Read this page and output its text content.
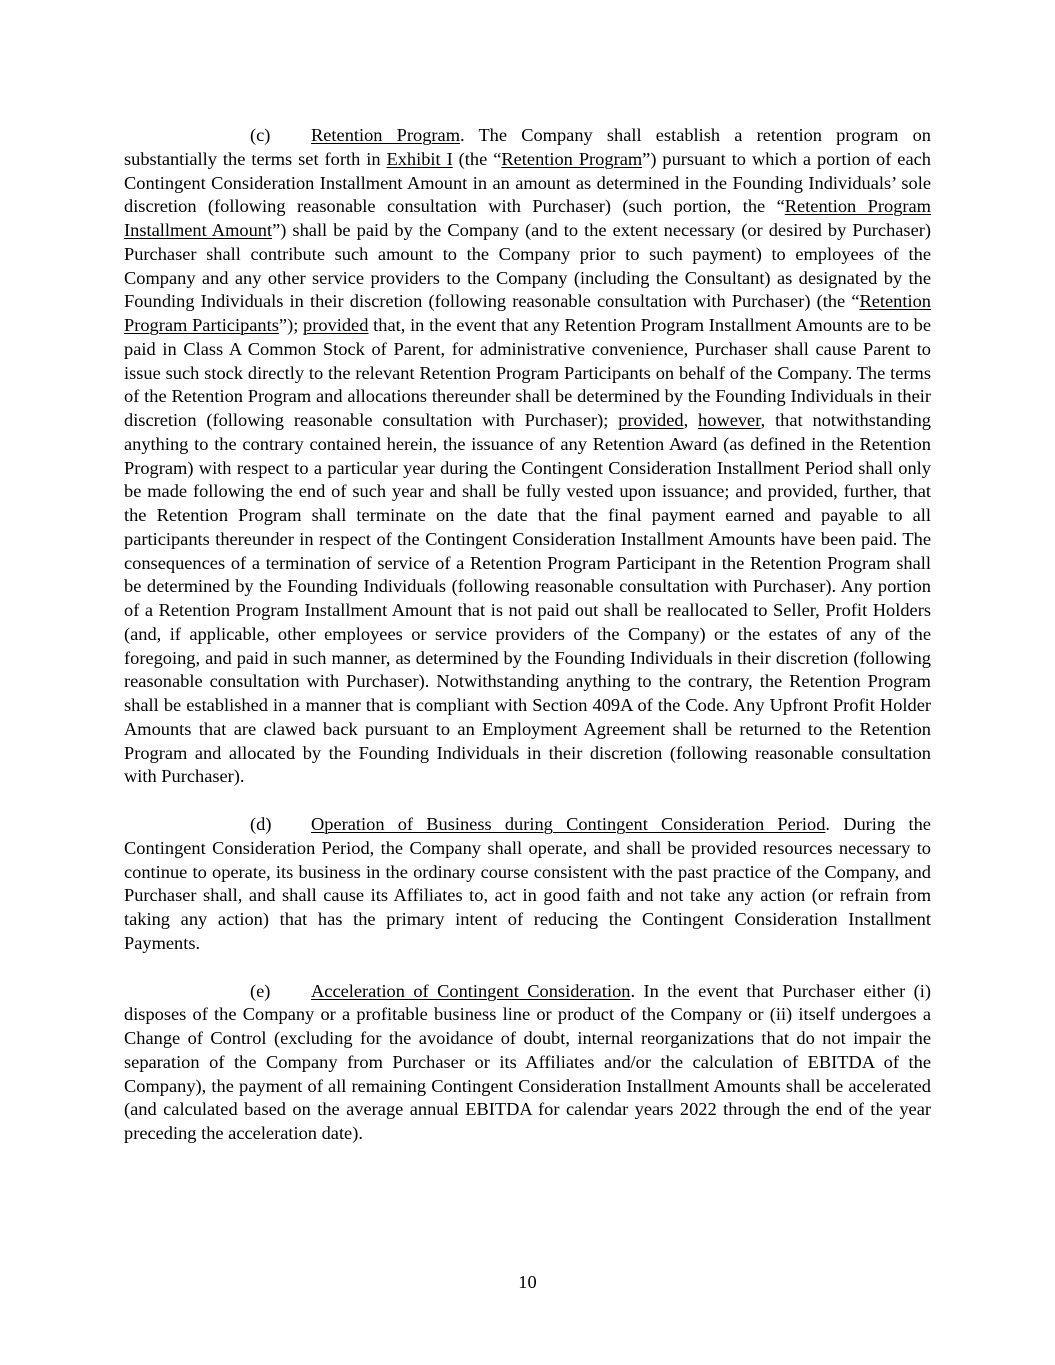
(c) Retention Program. The Company shall establish a retention program on substantially the terms set forth in Exhibit I (the “Retention Program”) pursuant to which a portion of each Contingent Consideration Installment Amount in an amount as determined in the Founding Individuals’ sole discretion (following reasonable consultation with Purchaser) (such portion, the “Retention Program Installment Amount”) shall be paid by the Company (and to the extent necessary (or desired by Purchaser) Purchaser shall contribute such amount to the Company prior to such payment) to employees of the Company and any other service providers to the Company (including the Consultant) as designated by the Founding Individuals in their discretion (following reasonable consultation with Purchaser) (the “Retention Program Participants”); provided that, in the event that any Retention Program Installment Amounts are to be paid in Class A Common Stock of Parent, for administrative convenience, Purchaser shall cause Parent to issue such stock directly to the relevant Retention Program Participants on behalf of the Company. The terms of the Retention Program and allocations thereunder shall be determined by the Founding Individuals in their discretion (following reasonable consultation with Purchaser); provided, however, that notwithstanding anything to the contrary contained herein, the issuance of any Retention Award (as defined in the Retention Program) with respect to a particular year during the Contingent Consideration Installment Period shall only be made following the end of such year and shall be fully vested upon issuance; and provided, further, that the Retention Program shall terminate on the date that the final payment earned and payable to all participants thereunder in respect of the Contingent Consideration Installment Amounts have been paid. The consequences of a termination of service of a Retention Program Participant in the Retention Program shall be determined by the Founding Individuals (following reasonable consultation with Purchaser). Any portion of a Retention Program Installment Amount that is not paid out shall be reallocated to Seller, Profit Holders (and, if applicable, other employees or service providers of the Company) or the estates of any of the foregoing, and paid in such manner, as determined by the Founding Individuals in their discretion (following reasonable consultation with Purchaser). Notwithstanding anything to the contrary, the Retention Program shall be established in a manner that is compliant with Section 409A of the Code. Any Upfront Profit Holder Amounts that are clawed back pursuant to an Employment Agreement shall be returned to the Retention Program and allocated by the Founding Individuals in their discretion (following reasonable consultation with Purchaser).

(d) Operation of Business during Contingent Consideration Period. During the Contingent Consideration Period, the Company shall operate, and shall be provided resources necessary to continue to operate, its business in the ordinary course consistent with the past practice of the Company, and Purchaser shall, and shall cause its Affiliates to, act in good faith and not take any action (or refrain from taking any action) that has the primary intent of reducing the Contingent Consideration Installment Payments.

(e) Acceleration of Contingent Consideration. In the event that Purchaser either (i) disposes of the Company or a profitable business line or product of the Company or (ii) itself undergoes a Change of Control (excluding for the avoidance of doubt, internal reorganizations that do not impair the separation of the Company from Purchaser or its Affiliates and/or the calculation of EBITDA of the Company), the payment of all remaining Contingent Consideration Installment Amounts shall be accelerated (and calculated based on the average annual EBITDA for calendar years 2022 through the end of the year preceding the acceleration date).

10
